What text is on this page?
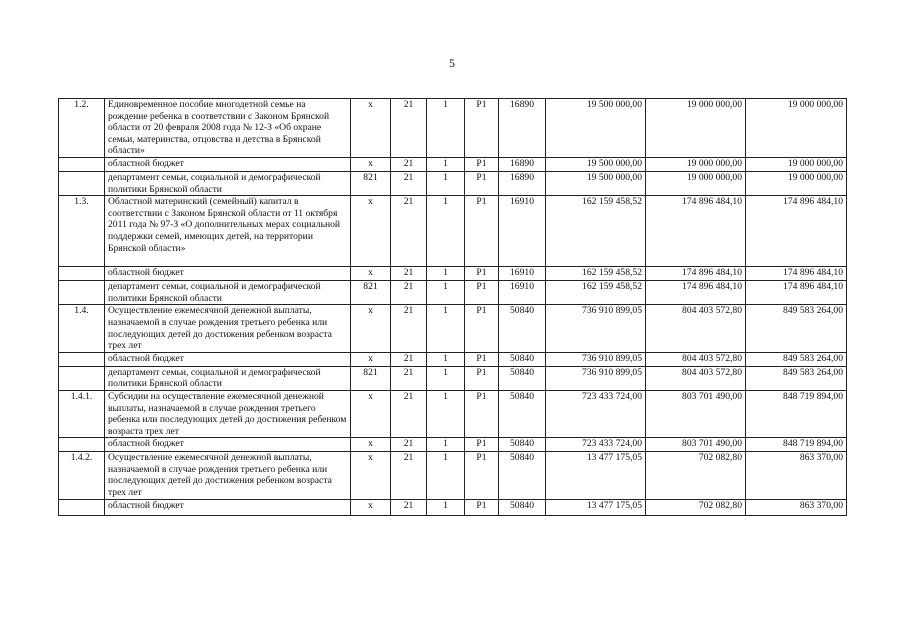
5
1.2.	Единовременное пособие многодетной семье на рождение ребенка в соответствии с Законом Брянской области от 20 февраля 2008 года № 12-З «Об охране семьи, материнства, отцовства и детства в Брянской области»	х	21	1	Р1	16890	19 500 000,00	19 000 000,00	19 000 000,00
	областной бюджет	х	21	1	Р1	16890	19 500 000,00	19 000 000,00	19 000 000,00
	департамент семьи, социальной и демографической политики Брянской области	821	21	1	Р1	16890	19 500 000,00	19 000 000,00	19 000 000,00
1.3.	Областной материнский (семейный) капитал в соответствии с Законом Брянской области от 11 октября 2011 года № 97-З «О дополнительных мерах социальной поддержки семей, имеющих детей, на территории Брянской области»	х	21	1	Р1	16910	162 159 458,52	174 896 484,10	174 896 484,10
	областной бюджет	х	21	1	Р1	16910	162 159 458,52	174 896 484,10	174 896 484,10
	департамент семьи, социальной и демографической политики Брянской области	821	21	1	Р1	16910	162 159 458,52	174 896 484,10	174 896 484,10
1.4.	Осуществление ежемесячной денежной выплаты, назначаемой в случае рождения третьего ребенка или последующих детей до достижения ребенком возраста трех лет	х	21	1	Р1	50840	736 910 899,05	804 403 572,80	849 583 264,00
	областной бюджет	х	21	1	Р1	50840	736 910 899,05	804 403 572,80	849 583 264,00
	департамент семьи, социальной и демографической политики Брянской области	821	21	1	Р1	50840	736 910 899,05	804 403 572,80	849 583 264,00
1.4.1.	Субсидии на осуществление ежемесячной денежной выплаты, назначаемой в случае рождения третьего ребенка или последующих детей до достижения ребенком возраста трех лет	х	21	1	Р1	50840	723 433 724,00	803 701 490,00	848 719 894,00
	областной бюджет	х	21	1	Р1	50840	723 433 724,00	803 701 490,00	848 719 894,00
1.4.2.	Осуществление ежемесячной денежной выплаты, назначаемой в случае рождения третьего ребенка или последующих детей до достижения ребенком возраста трех лет	х	21	1	Р1	50840	13 477 175,05	702 082,80	863 370,00
	областной бюджет	х	21	1	Р1	50840	13 477 175,05	702 082,80	863 370,00
